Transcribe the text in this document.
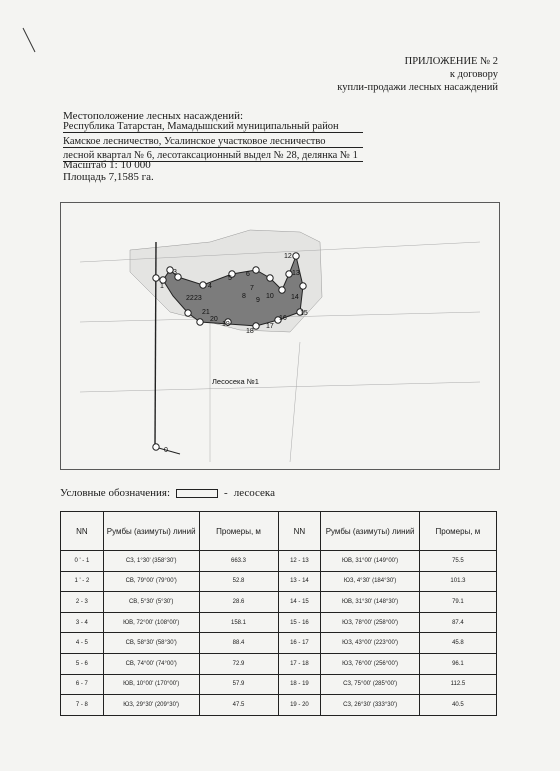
ПРИЛОЖЕНИЕ № 2
к договору
купли-продажи лесных насаждений
Местоположение лесных насаждений:
Республика Татарстан, Мамадышский муниципальный район
Камское лесничество, Усалинское участковое лесничество
лесной квартал № 6, лесотаксационный выдел № 28, делянка № 1
Масштаб 1: 10 000
Площадь 7,1585 га.
1
3
4
5
6
7
8
9
10
12
13
14
15
16
17
18
19
20
21
22 23
0
Лесосека №1
Условные обозначения:	- лесосека
NN	Румбы (азимуты) линий	Промеры, м	NN	Румбы (азимуты) линий	Промеры, м
0 ' - 1	СЗ, 1°30' (358°30')	663.3	12 - 13	ЮВ, 31°00' (149°00')	75.5
1 ' - 2	СВ, 79°00' (79°00')	52.8	13 - 14	ЮЗ, 4°30' (184°30')	101.3
2 - 3	СВ, 5°30' (5°30')	28.6	14 - 15	ЮВ, 31°30' (148°30')	79.1
3 - 4	ЮВ, 72°00' (108°00')	158.1	15 - 16	ЮЗ, 78°00' (258°00')	87.4
4 - 5	СВ, 58°30' (58°30')	88.4	16 - 17	ЮЗ, 43°00' (223°00')	45.8
5 - 6	СВ, 74°00' (74°00')	72.9	17 - 18	ЮЗ, 76°00' (256°00')	96.1
6 - 7	ЮВ, 10°00' (170°00')	57.9	18 - 19	СЗ, 75°00' (285°00')	112.5
7 - 8	ЮЗ, 29°30' (209°30')	47.5	19 - 20	СЗ, 26°30' (333°30')	40.5
